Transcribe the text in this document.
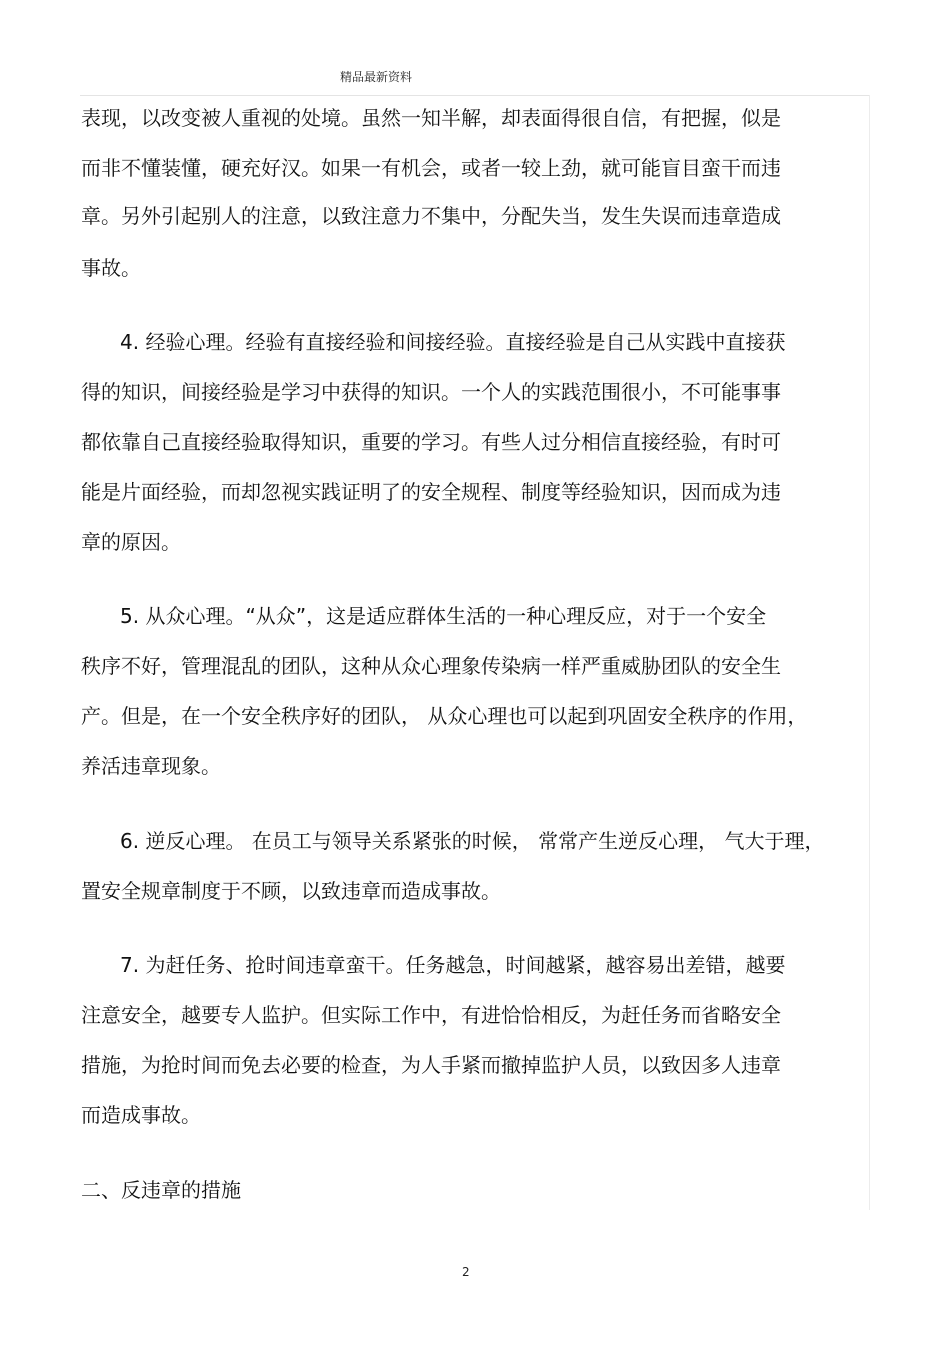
精品最新资料
表现，以改变被人重视的处境。虽然一知半解，却表面得很自信，有把握，似是
而非不懂装懂，硬充好汉。如果一有机会，或者一较上劲，就可能盲目蛮干而违
章。另外引起别人的注意，以致注意力不集中，分配失当，发生失误而违章造成
事故。
4. 经验心理。经验有直接经验和间接经验。直接经验是自己从实践中直接获
得的知识，间接经验是学习中获得的知识。一个人的实践范围很小，不可能事事
都依靠自己直接经验取得知识，重要的学习。有些人过分相信直接经验，有时可
能是片面经验，而却忽视实践证明了的安全规程、制度等经验知识，因而成为违
章的原因。
5. 从众心理。“从众”，这是适应群体生活的一种心理反应，对于一个安全
秩序不好，管理混乱的团队，这种从众心理象传染病一样严重威胁团队的安全生
产。但是，在一个安全秩序好的团队， 从众心理也可以起到巩固安全秩序的作用，
养活违章现象。
6. 逆反心理。 在员工与领导关系紧张的时候， 常常产生逆反心理， 气大于理，
置安全规章制度于不顾，以致违章而造成事故。
7. 为赶任务、抢时间违章蛮干。任务越急，时间越紧，越容易出差错，越要
注意安全，越要专人监护。但实际工作中，有进恰恰相反，为赶任务而省略安全
措施，为抢时间而免去必要的检查，为人手紧而撤掉监护人员，以致因多人违章
而造成事故。
二、反违章的措施
2
